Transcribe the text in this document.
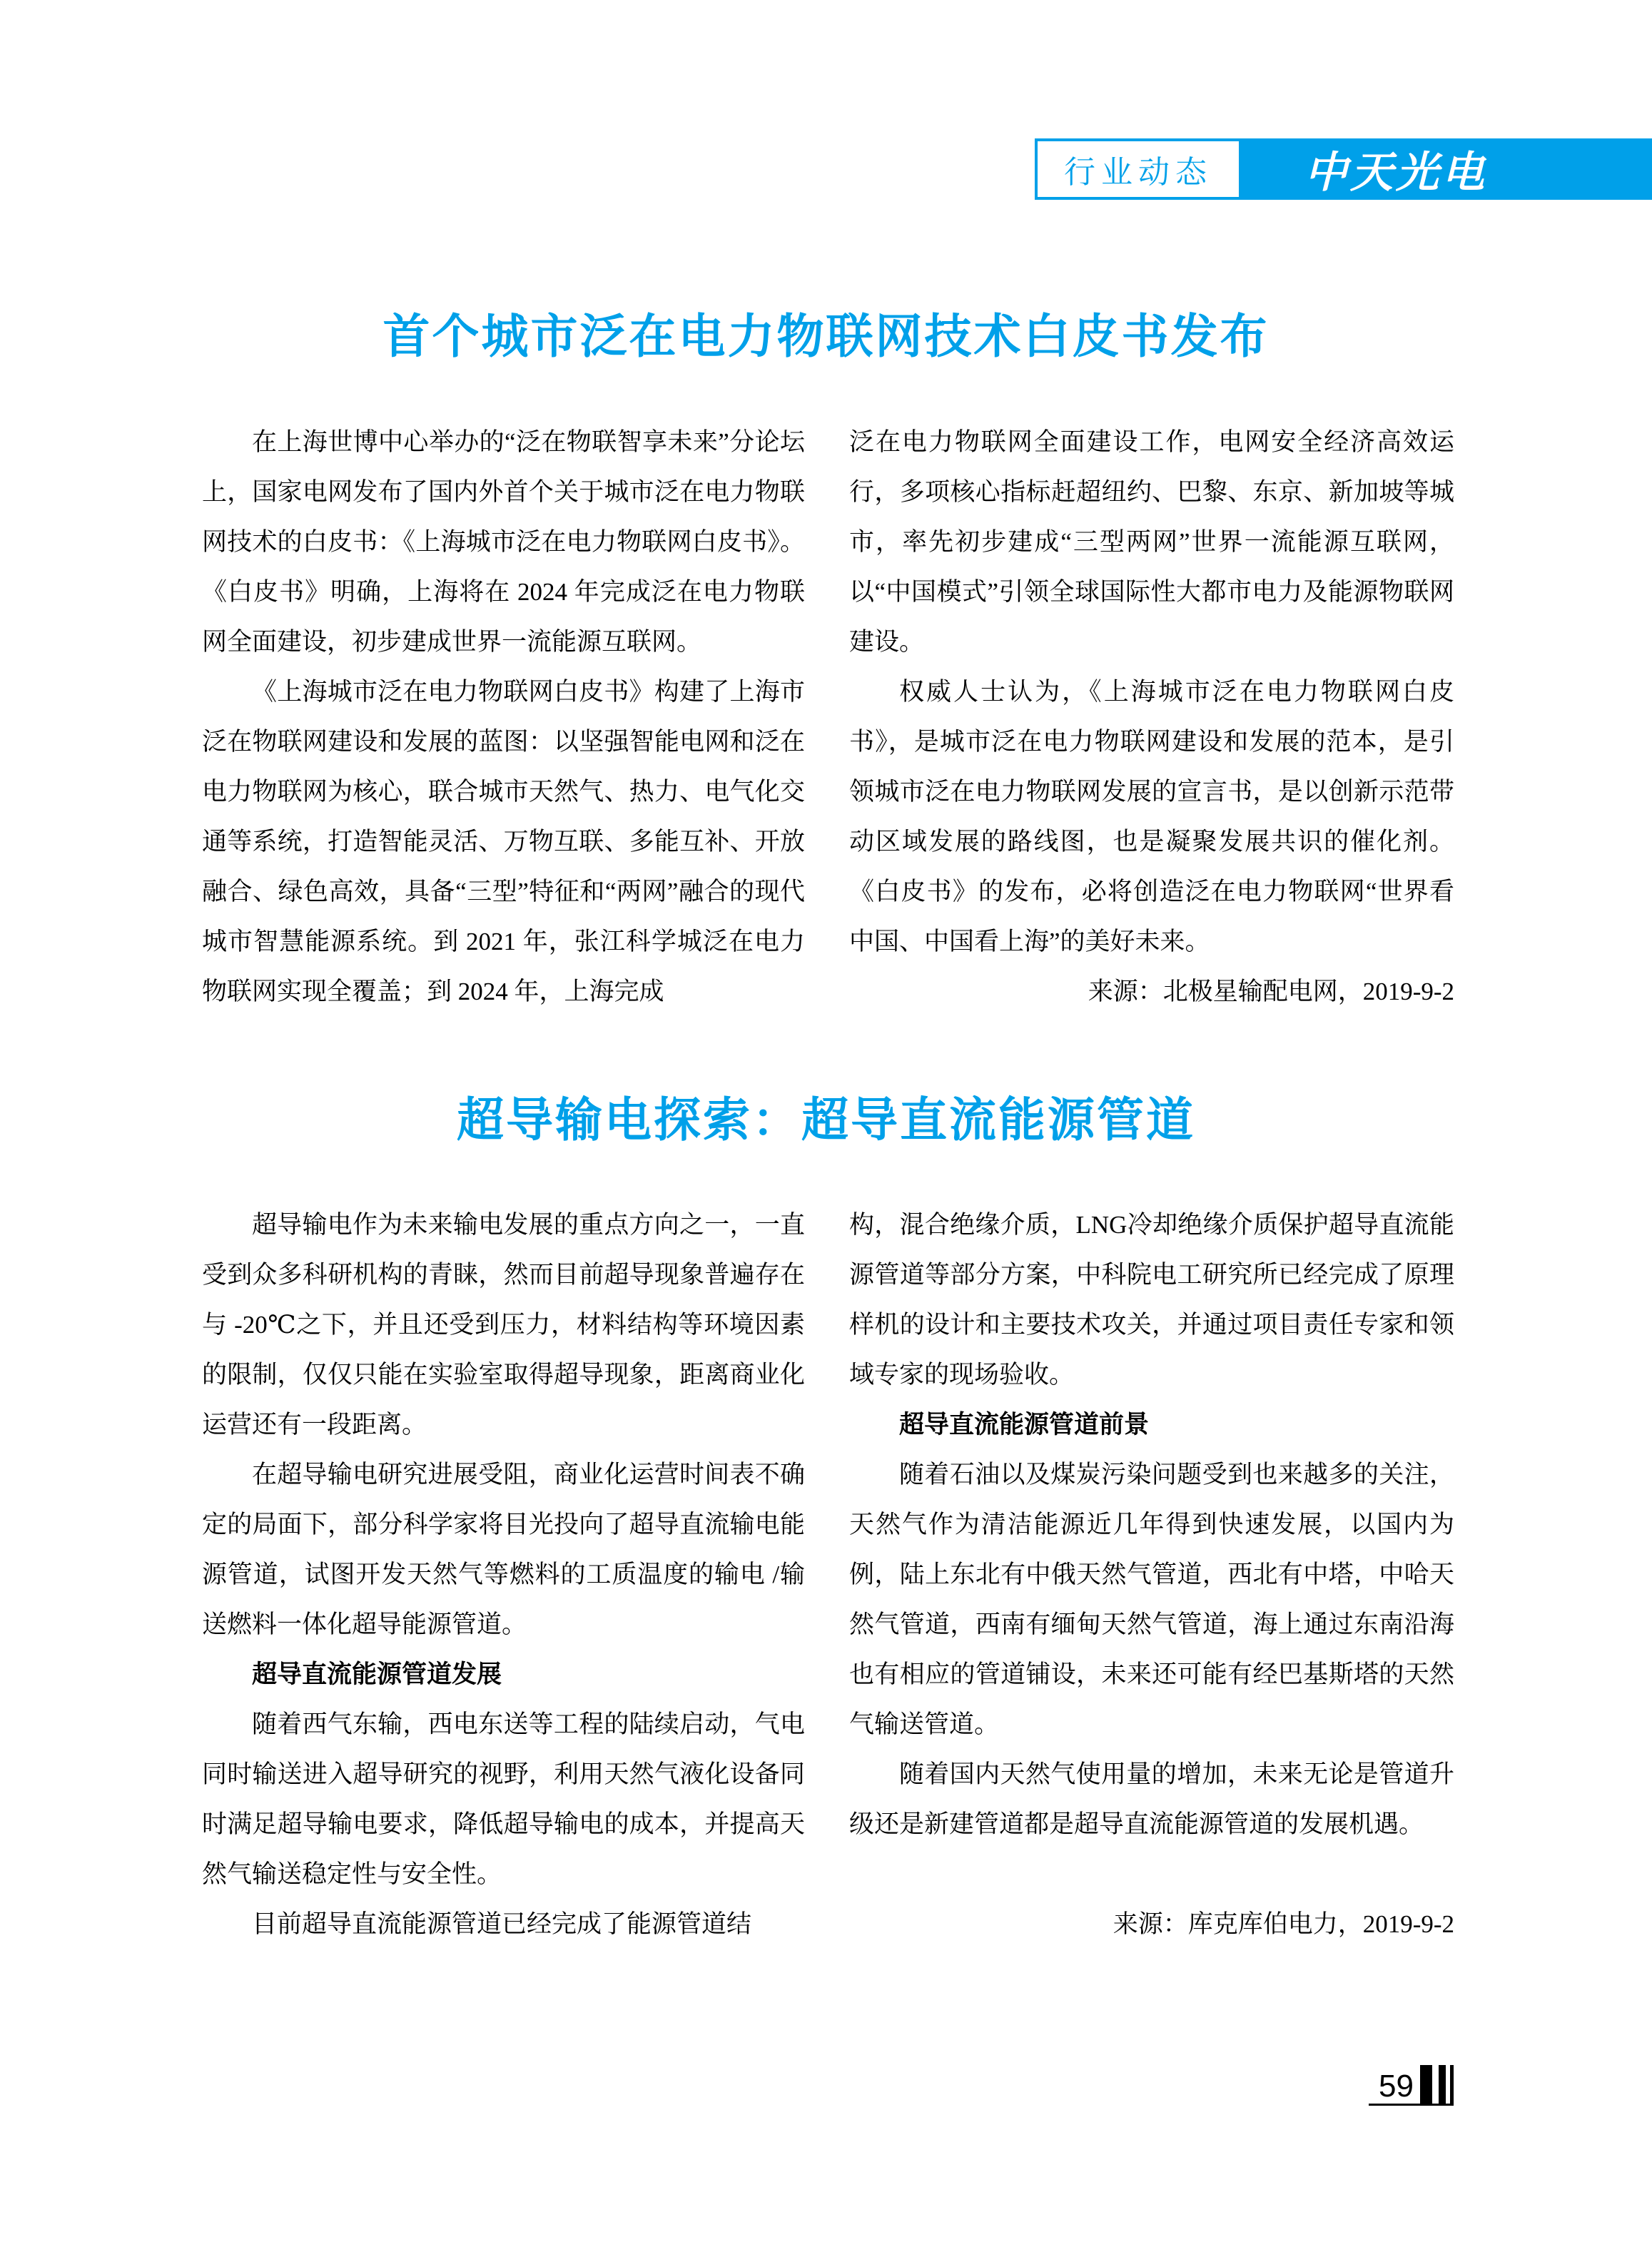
行业动态	中天光电
首个城市泛在电力物联网技术白皮书发布

在上海世博中心举办的“泛在物联智享未来”分论坛上，国家电网发布了国内外首个关于城市泛在电力物联网技术的白皮书：《上海城市泛在电力物联网白皮书》。《白皮书》明确，上海将在 2024 年完成泛在电力物联网全面建设，初步建成世界一流能源互联网。

《上海城市泛在电力物联网白皮书》构建了上海市泛在物联网建设和发展的蓝图：以坚强智能电网和泛在电力物联网为核心，联合城市天然气、热力、电气化交通等系统，打造智能灵活、万物互联、多能互补、开放融合、绿色高效，具备“三型”特征和“两网”融合的现代城市智慧能源系统。到 2021 年，张江科学城泛在电力物联网实现全覆盖；到 2024 年，上海完成

泛在电力物联网全面建设工作，电网安全经济高效运行，多项核心指标赶超纽约、巴黎、东京、新加坡等城市，率先初步建成“三型两网”世界一流能源互联网，以“中国模式”引领全球国际性大都市电力及能源物联网建设。

权威人士认为，《上海城市泛在电力物联网白皮书》，是城市泛在电力物联网建设和发展的范本，是引领城市泛在电力物联网发展的宣言书，是以创新示范带动区域发展的路线图，也是凝聚发展共识的催化剂。《白皮书》的发布，必将创造泛在电力物联网“世界看中国、中国看上海”的美好未来。

来源：北极星输配电网，2019-9-2

超导输电探索：超导直流能源管道

超导输电作为未来输电发展的重点方向之一，一直受到众多科研机构的青睐，然而目前超导现象普遍存在与 -20℃之下，并且还受到压力，材料结构等环境因素的限制，仅仅只能在实验室取得超导现象，距离商业化运营还有一段距离。

在超导输电研究进展受阻，商业化运营时间表不确定的局面下，部分科学家将目光投向了超导直流输电能源管道，试图开发天然气等燃料的工质温度的输电 /输送燃料一体化超导能源管道。

超导直流能源管道发展

随着西气东输，西电东送等工程的陆续启动，气电同时输送进入超导研究的视野，利用天然气液化设备同时满足超导输电要求，降低超导输电的成本，并提高天然气输送稳定性与安全性。

目前超导直流能源管道已经完成了能源管道结

构，混合绝缘介质，LNG冷却绝缘介质保护超导直流能源管道等部分方案，中科院电工研究所已经完成了原理样机的设计和主要技术攻关，并通过项目责任专家和领域专家的现场验收。

超导直流能源管道前景

随着石油以及煤炭污染问题受到也来越多的关注，天然气作为清洁能源近几年得到快速发展，以国内为例，陆上东北有中俄天然气管道，西北有中塔，中哈天然气管道，西南有缅甸天然气管道，海上通过东南沿海也有相应的管道铺设，未来还可能有经巴基斯塔的天然气输送管道。

随着国内天然气使用量的增加，未来无论是管道升级还是新建管道都是超导直流能源管道的发展机遇。

来源：库克库伯电力，2019-9-2

59
